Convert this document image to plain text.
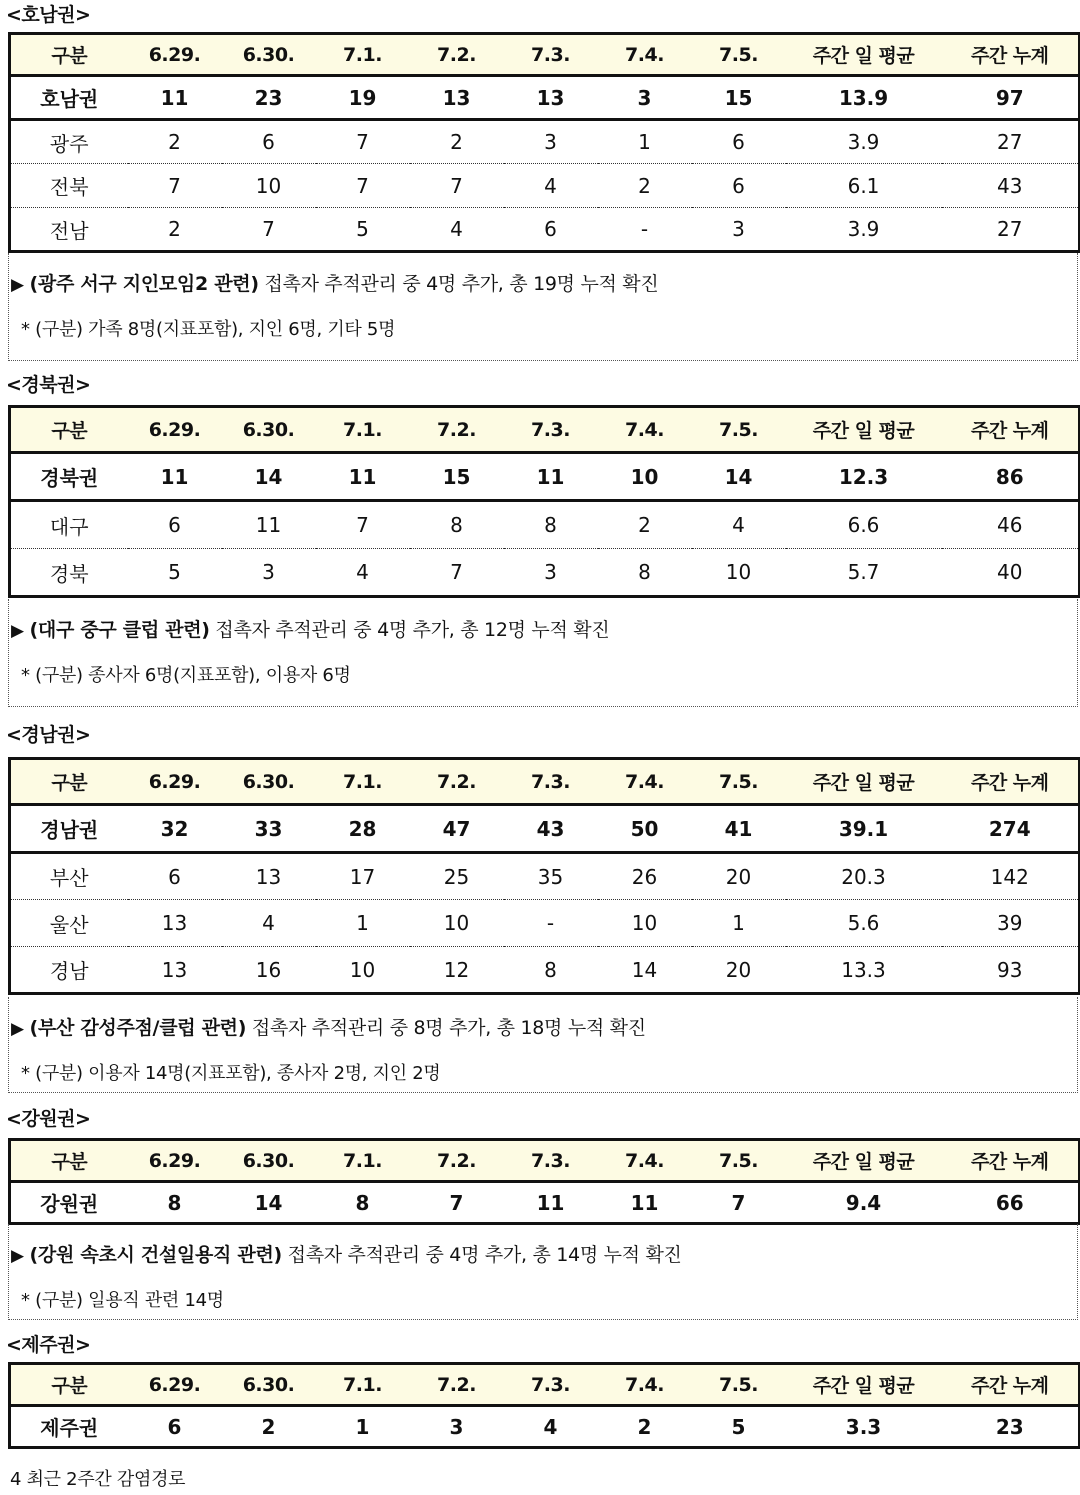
<호남권>
구분	6.29.	6.30.	7.1.	7.2.	7.3.	7.4.	7.5.	주간 일 평균	주간 누계
호남권	11	23	19	13	13	3	15	13.9	97
광주	2	6	7	2	3	1	6	3.9	27
전북	7	10	7	7	4	2	6	6.1	43
전남	2	7	5	4	6	-	3	3.9	27
▶ (광주 서구 지인모임2 관련) 접촉자 추적관리 중 4명 추가, 총 19명 누적 확진
* (구분) 가족 8명(지표포함), 지인 6명, 기타 5명
<경북권>
구분	6.29.	6.30.	7.1.	7.2.	7.3.	7.4.	7.5.	주간 일 평균	주간 누계
경북권	11	14	11	15	11	10	14	12.3	86
대구	6	11	7	8	8	2	4	6.6	46
경북	5	3	4	7	3	8	10	5.7	40
▶ (대구 중구 클럽 관련) 접촉자 추적관리 중 4명 추가, 총 12명 누적 확진
* (구분) 종사자 6명(지표포함), 이용자 6명
<경남권>
구분	6.29.	6.30.	7.1.	7.2.	7.3.	7.4.	7.5.	주간 일 평균	주간 누계
경남권	32	33	28	47	43	50	41	39.1	274
부산	6	13	17	25	35	26	20	20.3	142
울산	13	4	1	10	-	10	1	5.6	39
경남	13	16	10	12	8	14	20	13.3	93
▶ (부산 감성주점/클럽 관련) 접촉자 추적관리 중 8명 추가, 총 18명 누적 확진
* (구분) 이용자 14명(지표포함), 종사자 2명, 지인 2명
<강원권>
구분	6.29.	6.30.	7.1.	7.2.	7.3.	7.4.	7.5.	주간 일 평균	주간 누계
강원권	8	14	8	7	11	11	7	9.4	66
▶ (강원 속초시 건설일용직 관련) 접촉자 추적관리 중 4명 추가, 총 14명 누적 확진
* (구분) 일용직 관련 14명
<제주권>
구분	6.29.	6.30.	7.1.	7.2.	7.3.	7.4.	7.5.	주간 일 평균	주간 누계
제주권	6	2	1	3	4	2	5	3.3	23
4 최근 2주간 감염경로
